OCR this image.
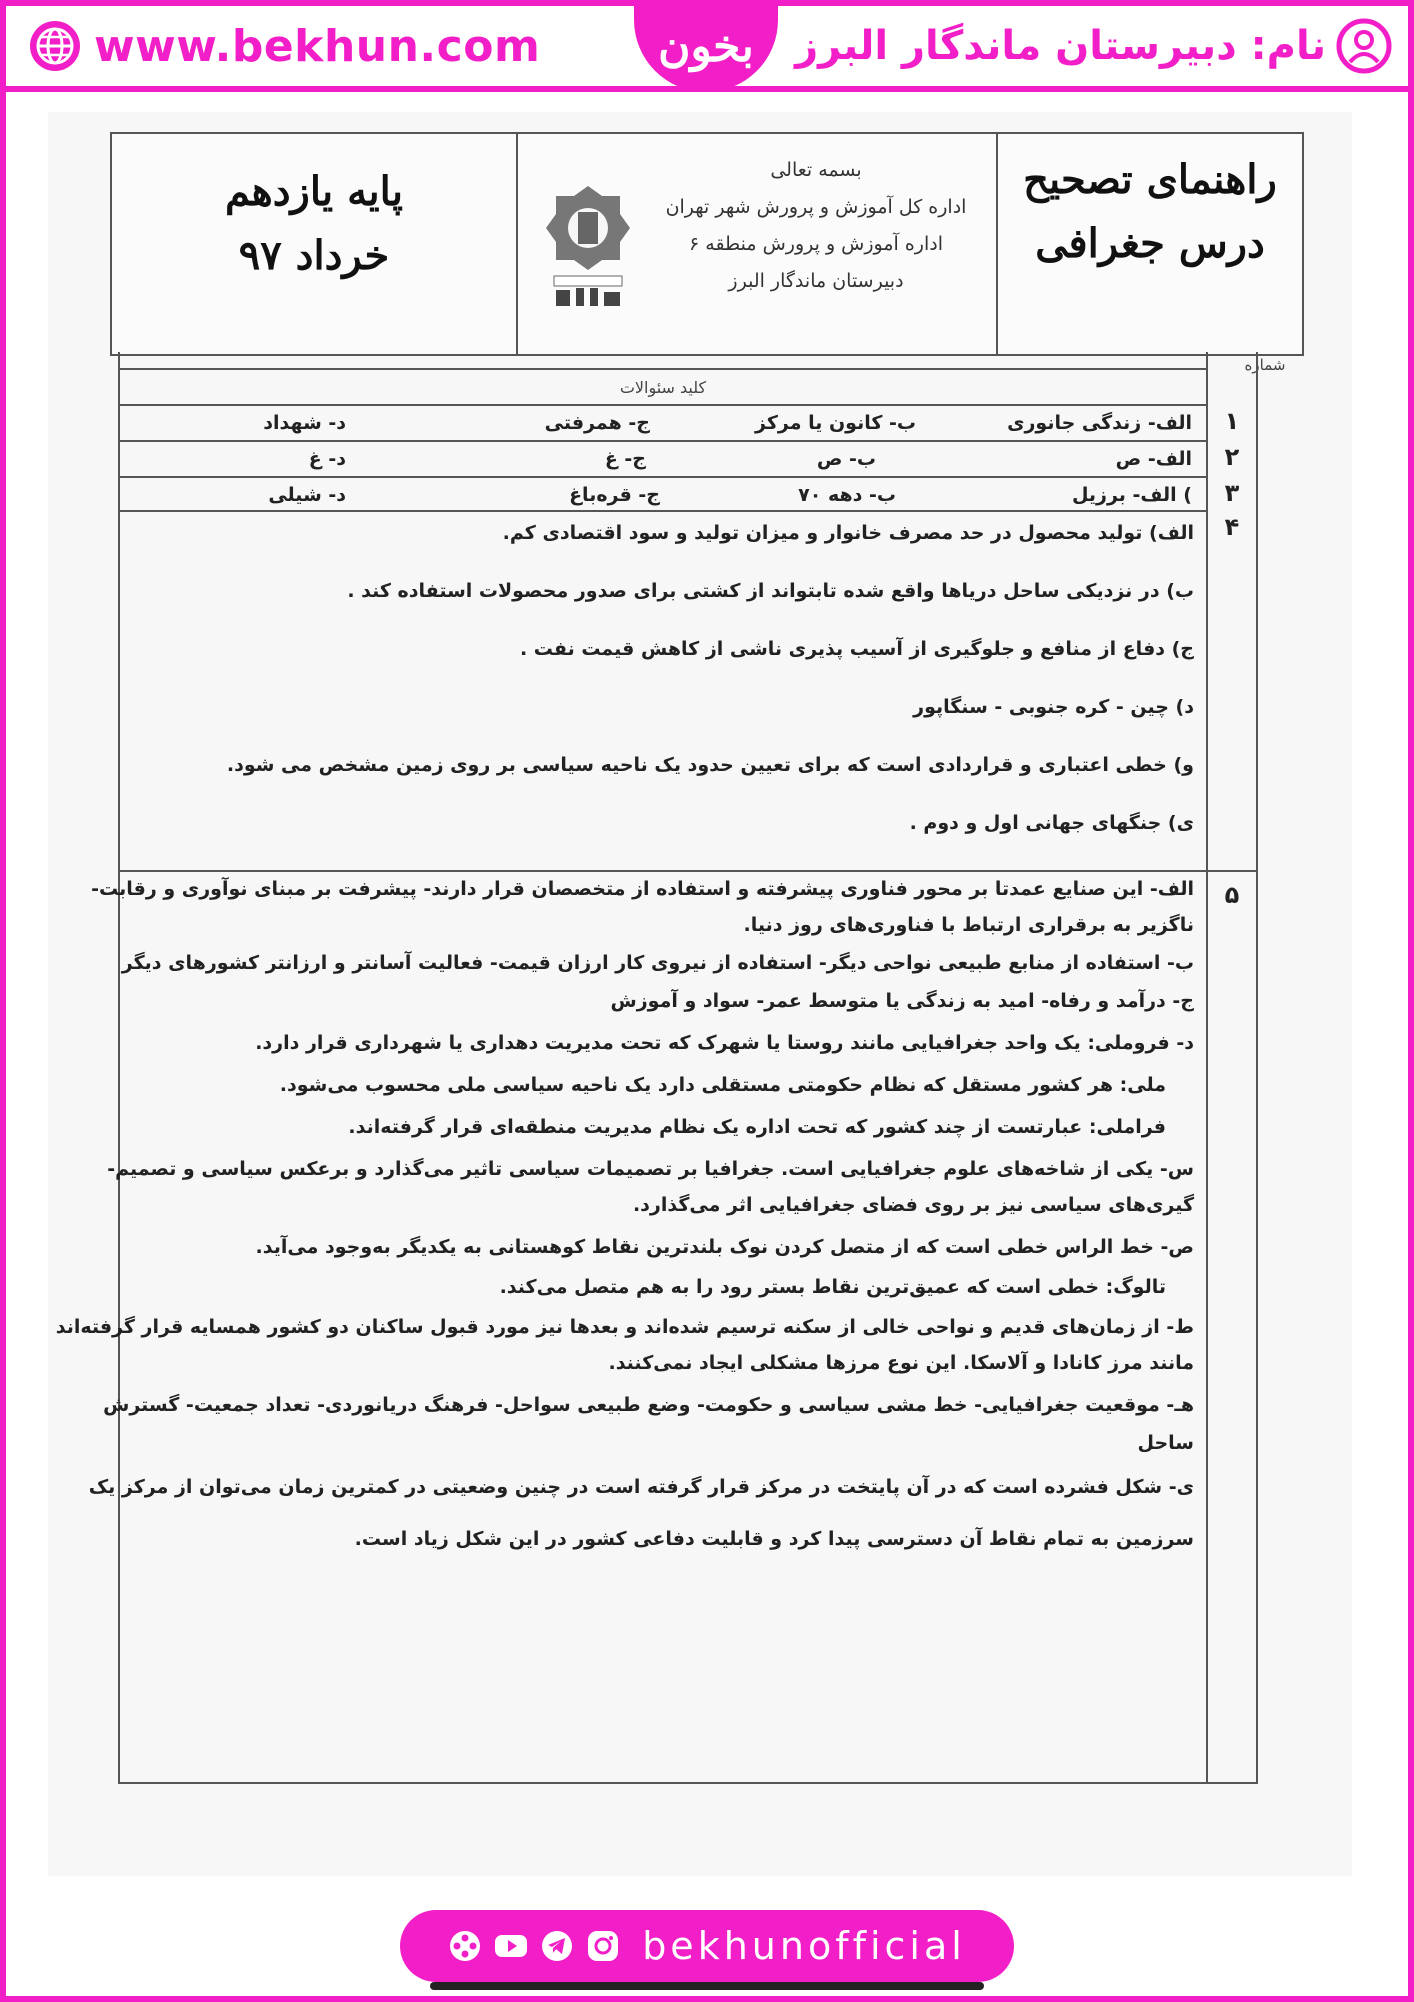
www.bekhun.com	بخون نام: دبیرستان ماندگار البرز
راهنمای تصحیح
درس جغرافی
بسمه تعالی
اداره کل آموزش و پرورش شهر تهران
اداره آموزش و پرورش منطقه ۶
دبیرستان ماندگار البرز
پایه یازدهم
خرداد ۹۷
شماره
کلید سئوالات
الف- زندگی جانوری
ب- کانون یا مرکز
ج- همرفتی
د- شهداد	۱
الف- ص
ب- ص
ج- غ
د- غ	۲
) الف- برزیل
ب- دهه ۷۰
ج- قره‌باغ
د- شیلی	۳
۴
الف) تولید محصول در حد مصرف خانوار و میزان تولید و سود اقتصادی کم.
ب) در نزدیکی ساحل دریاها واقع شده تابتواند از کشتی برای صدور محصولات استفاده کند .
ج) دفاع از منافع و جلوگیری از آسیب پذیری ناشی از کاهش قیمت نفت .
د) چین - کره جنوبی - سنگاپور
و) خطی اعتباری و قراردادی است که برای تعیین حدود یک ناحیه سیاسی بر روی زمین مشخص می شود.
ی) جنگهای جهانی اول و دوم .
۵
الف- این صنایع عمدتا بر محور فناوری پیشرفته و استفاده از متخصصان قرار دارند- پیشرفت بر مبنای نوآوری و رقابت-
ناگزیر به برقراری ارتباط با فناوری‌های روز دنیا.
ب- استفاده از منابع طبیعی نواحی دیگر- استفاده از نیروی کار ارزان قیمت- فعالیت آسانتر و ارزانتر کشورهای دیگر
ج- درآمد و رفاه- امید به زندگی یا متوسط عمر- سواد و آموزش
د- فروملی: یک واحد جغرافیایی مانند روستا یا شهرک که تحت مدیریت دهداری یا شهرداری قرار دارد.
ملی: هر کشور مستقل که نظام حکومتی مستقلی دارد یک ناحیه سیاسی ملی محسوب می‌شود.
فراملی: عبارتست از چند کشور که تحت اداره یک نظام مدیریت منطقه‌ای قرار گرفته‌اند.
س- یکی از شاخه‌های علوم جغرافیایی است. جغرافیا بر تصمیمات سیاسی تاثیر می‌گذارد و برعکس سیاسی و تصمیم-
گیری‌های سیاسی نیز بر روی فضای جغرافیایی اثر می‌گذارد.
ص- خط الراس خطی است که از متصل کردن نوک بلندترین نقاط کوهستانی به یکدیگر به‌وجود می‌آید.
تالوگ: خطی است که عمیق‌ترین نقاط بستر رود را به هم متصل می‌کند.
ط- از زمان‌های قدیم و نواحی خالی از سکنه ترسیم شده‌اند و بعدها نیز مورد قبول ساکنان دو کشور همسایه قرار گرفته‌اند
مانند مرز کانادا و آلاسکا. این نوع مرزها مشکلی ایجاد نمی‌کنند.
هـ- موقعیت جغرافیایی- خط مشی سیاسی و حکومت- وضع طبیعی سواحل- فرهنگ دریانوردی- تعداد جمعیت- گسترش
ساحل
ی- شکل فشرده است که در آن پایتخت در مرکز قرار گرفته است در چنین وضعیتی در کمترین زمان می‌توان از مرکز یک
سرزمین به تمام نقاط آن دسترسی پیدا کرد و قابلیت دفاعی کشور در این شکل زیاد است.
bekhunofficial
